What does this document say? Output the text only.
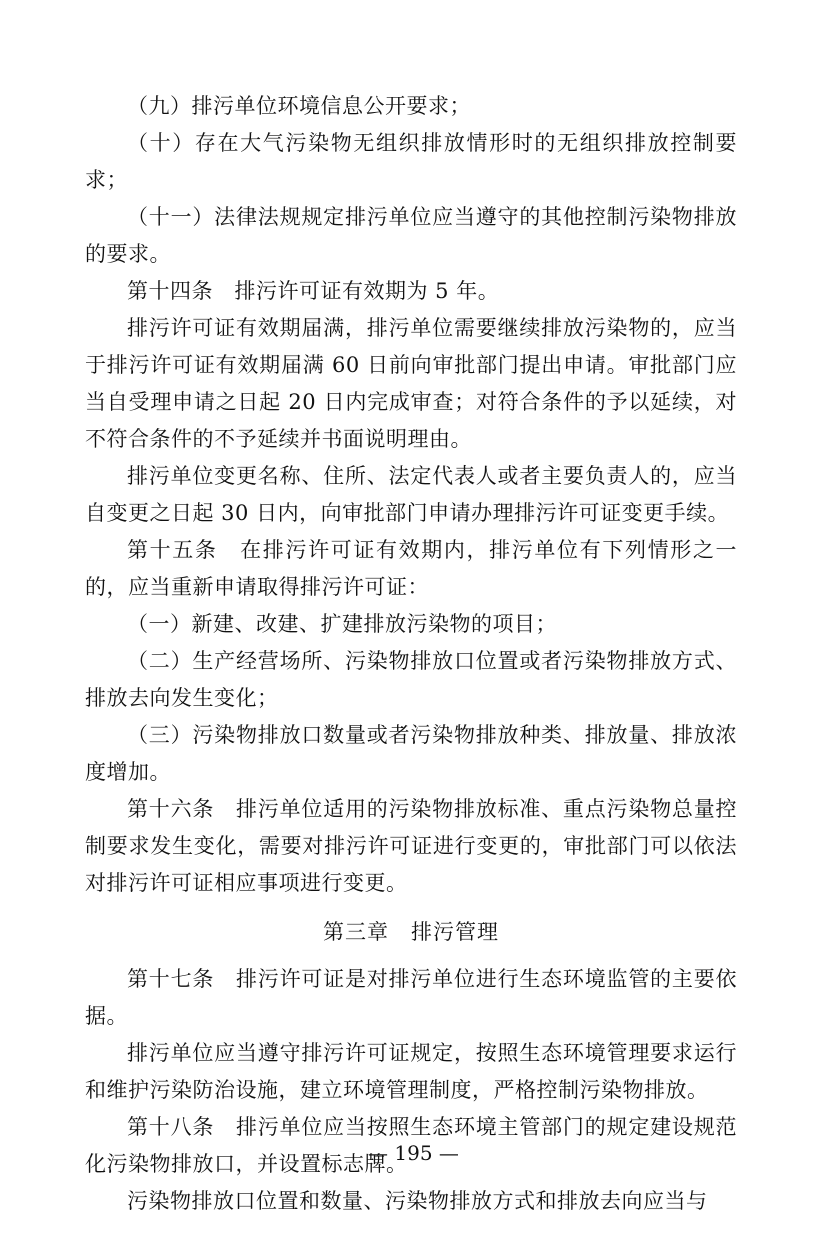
（九）排污单位环境信息公开要求；

（十）存在大气污染物无组织排放情形时的无组织排放控制要求；

（十一）法律法规规定排污单位应当遵守的其他控制污染物排放的要求。

第十四条　排污许可证有效期为 5 年。

排污许可证有效期届满，排污单位需要继续排放污染物的，应当于排污许可证有效期届满 60 日前向审批部门提出申请。审批部门应当自受理申请之日起 20 日内完成审查；对符合条件的予以延续，对不符合条件的不予延续并书面说明理由。

排污单位变更名称、住所、法定代表人或者主要负责人的，应当自变更之日起 30 日内，向审批部门申请办理排污许可证变更手续。

第十五条　在排污许可证有效期内，排污单位有下列情形之一的，应当重新申请取得排污许可证：

（一）新建、改建、扩建排放污染物的项目；

（二）生产经营场所、污染物排放口位置或者污染物排放方式、排放去向发生变化；

（三）污染物排放口数量或者污染物排放种类、排放量、排放浓度增加。

第十六条　排污单位适用的污染物排放标准、重点污染物总量控制要求发生变化，需要对排污许可证进行变更的，审批部门可以依法对排污许可证相应事项进行变更。

第三章　排污管理

第十七条　排污许可证是对排污单位进行生态环境监管的主要依据。

排污单位应当遵守排污许可证规定，按照生态环境管理要求运行和维护污染防治设施，建立环境管理制度，严格控制污染物排放。

第十八条　排污单位应当按照生态环境主管部门的规定建设规范化污染物排放口，并设置标志牌。

污染物排放口位置和数量、污染物排放方式和排放去向应当与

— 195 —
